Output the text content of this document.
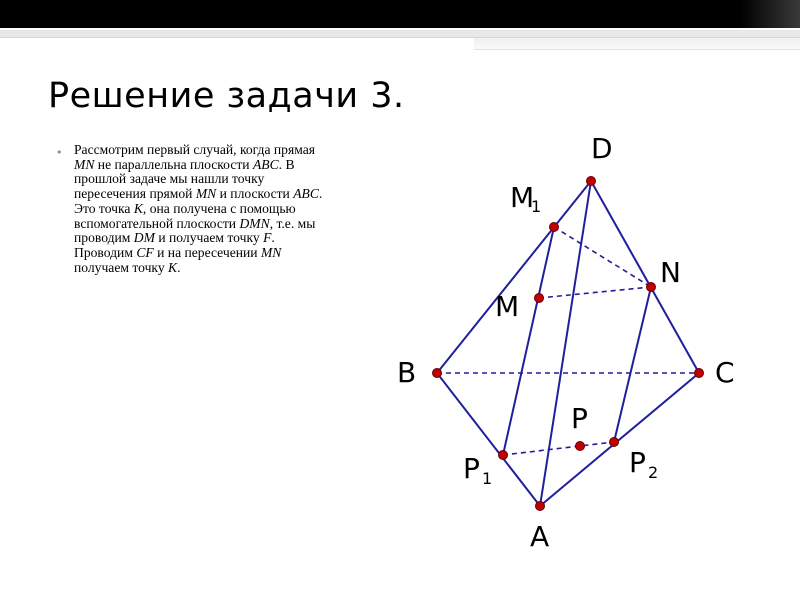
Решение задачи 3.
• Рассмотрим первый случай, когда прямая MN не параллельна плоскости ABC. В прошлой задаче мы нашли точку пересечения прямой MN и плоскости ABC. Это точка K, она получена с помощью вспомогательной плоскости DMN, т.е. мы проводим DM и получаем точку F. Проводим CF и на пересечении MN получаем точку K.
D
M
1
N
M
B	C
P
P 1	P 2
A
